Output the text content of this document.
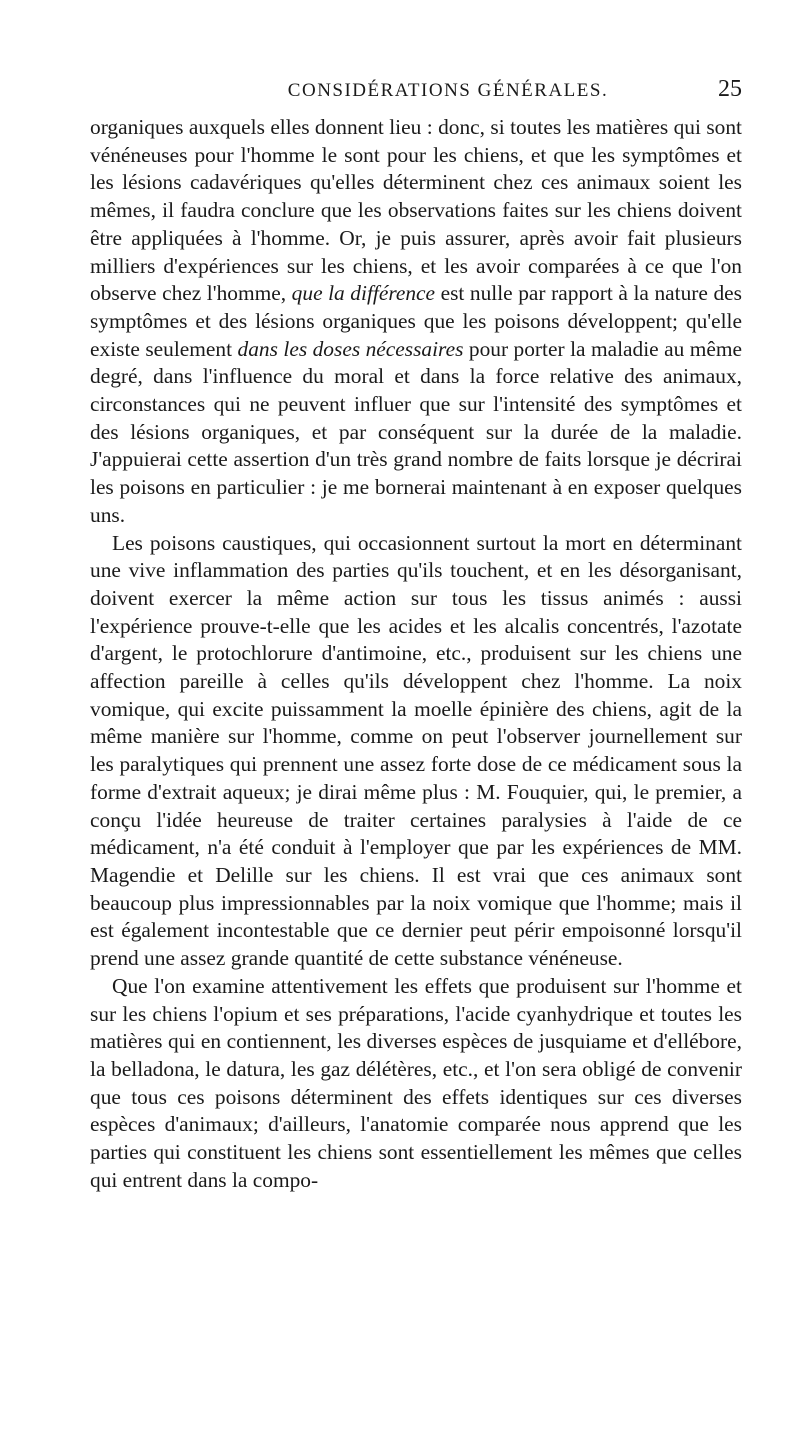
CONSIDÉRATIONS GÉNÉRALES.	25

organiques auxquels elles donnent lieu : donc, si toutes les matières qui sont vénéneuses pour l'homme le sont pour les chiens, et que les symptômes et les lésions cadavériques qu'elles déterminent chez ces animaux soient les mêmes, il faudra conclure que les observations faites sur les chiens doivent être appliquées à l'homme. Or, je puis assurer, après avoir fait plusieurs milliers d'expériences sur les chiens, et les avoir comparées à ce que l'on observe chez l'homme, que la différence est nulle par rapport à la nature des symptômes et des lésions organiques que les poisons développent; qu'elle existe seulement dans les doses nécessaires pour porter la maladie au même degré, dans l'influence du moral et dans la force relative des animaux, circonstances qui ne peuvent influer que sur l'intensité des symptômes et des lésions organiques, et par conséquent sur la durée de la maladie. J'appuierai cette assertion d'un très grand nombre de faits lorsque je décrirai les poisons en particulier : je me bornerai maintenant à en exposer quelques uns.

Les poisons caustiques, qui occasionnent surtout la mort en déterminant une vive inflammation des parties qu'ils touchent, et en les désorganisant, doivent exercer la même action sur tous les tissus animés : aussi l'expérience prouve-t-elle que les acides et les alcalis concentrés, l'azotate d'argent, le protochlorure d'antimoine, etc., produisent sur les chiens une affection pareille à celles qu'ils développent chez l'homme. La noix vomique, qui excite puissamment la moelle épinière des chiens, agit de la même manière sur l'homme, comme on peut l'observer journellement sur les paralytiques qui prennent une assez forte dose de ce médicament sous la forme d'extrait aqueux; je dirai même plus : M. Fouquier, qui, le premier, a conçu l'idée heureuse de traiter certaines paralysies à l'aide de ce médicament, n'a été conduit à l'employer que par les expériences de MM. Magendie et Delille sur les chiens. Il est vrai que ces animaux sont beaucoup plus impressionnables par la noix vomique que l'homme; mais il est également incontestable que ce dernier peut périr empoisonné lorsqu'il prend une assez grande quantité de cette substance vénéneuse.

Que l'on examine attentivement les effets que produisent sur l'homme et sur les chiens l'opium et ses préparations, l'acide cyanhydrique et toutes les matières qui en contiennent, les diverses espèces de jusquiame et d'ellébore, la belladona, le datura, les gaz délétères, etc., et l'on sera obligé de convenir que tous ces poisons déterminent des effets identiques sur ces diverses espèces d'animaux; d'ailleurs, l'anatomie comparée nous apprend que les parties qui constituent les chiens sont essentiellement les mêmes que celles qui entrent dans la compo-
